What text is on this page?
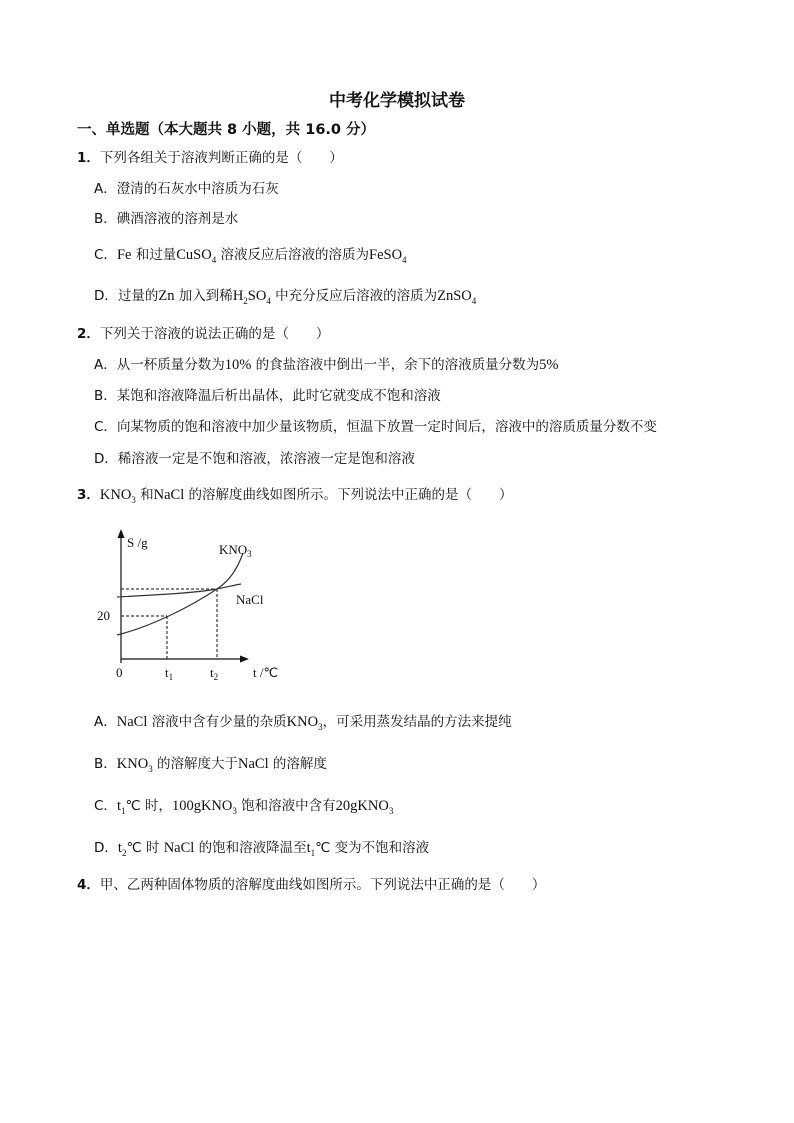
中考化学模拟试卷
一、单选题（本大题共 8 小题，共 16.0 分）
1．下列各组关于溶液判断正确的是（　　）
A．澄清的石灰水中溶质为石灰
B．碘酒溶液的溶剂是水
C．Fe 和过量CuSO$_4$ 溶液反应后溶液的溶质为FeSO$_4$
D．过量的Zn 加入到稀$H_2SO_4$ 中充分反应后溶液的溶质为ZnSO$_4$
2．下列关于溶液的说法正确的是（　　）
A．从一杯质量分数为10% 的食盐溶液中倒出一半，余下的溶液质量分数为5%
B．某饱和溶液降温后析出晶体，此时它就变成不饱和溶液
C．向某物质的饱和溶液中加少量该物质，恒温下放置一定时间后，溶液中的溶质质量分数不变
D．稀溶液一定是不饱和溶液，浓溶液一定是饱和溶液
3．$KNO_3$ 和NaCl 的溶解度曲线如图所示。下列说法中正确的是（　　）
S /g	$KNO_3$
NaCl
20
0	$t_1$	$t_2$	t /℃
A．NaCl 溶液中含有少量的杂质$KNO_3$，可采用蒸发结晶的方法来提纯
B．$KNO_3$ 的溶解度大于NaCl 的溶解度
C．$t_1℃$ 时，100gKNO$_3$ 饱和溶液中含有20gKNO$_3$
D．$t_2℃$ 时 NaCl 的饱和溶液降温至$t_1℃$ 变为不饱和溶液
4．甲、乙两种固体物质的溶解度曲线如图所示。下列说法中正确的是（　　）
